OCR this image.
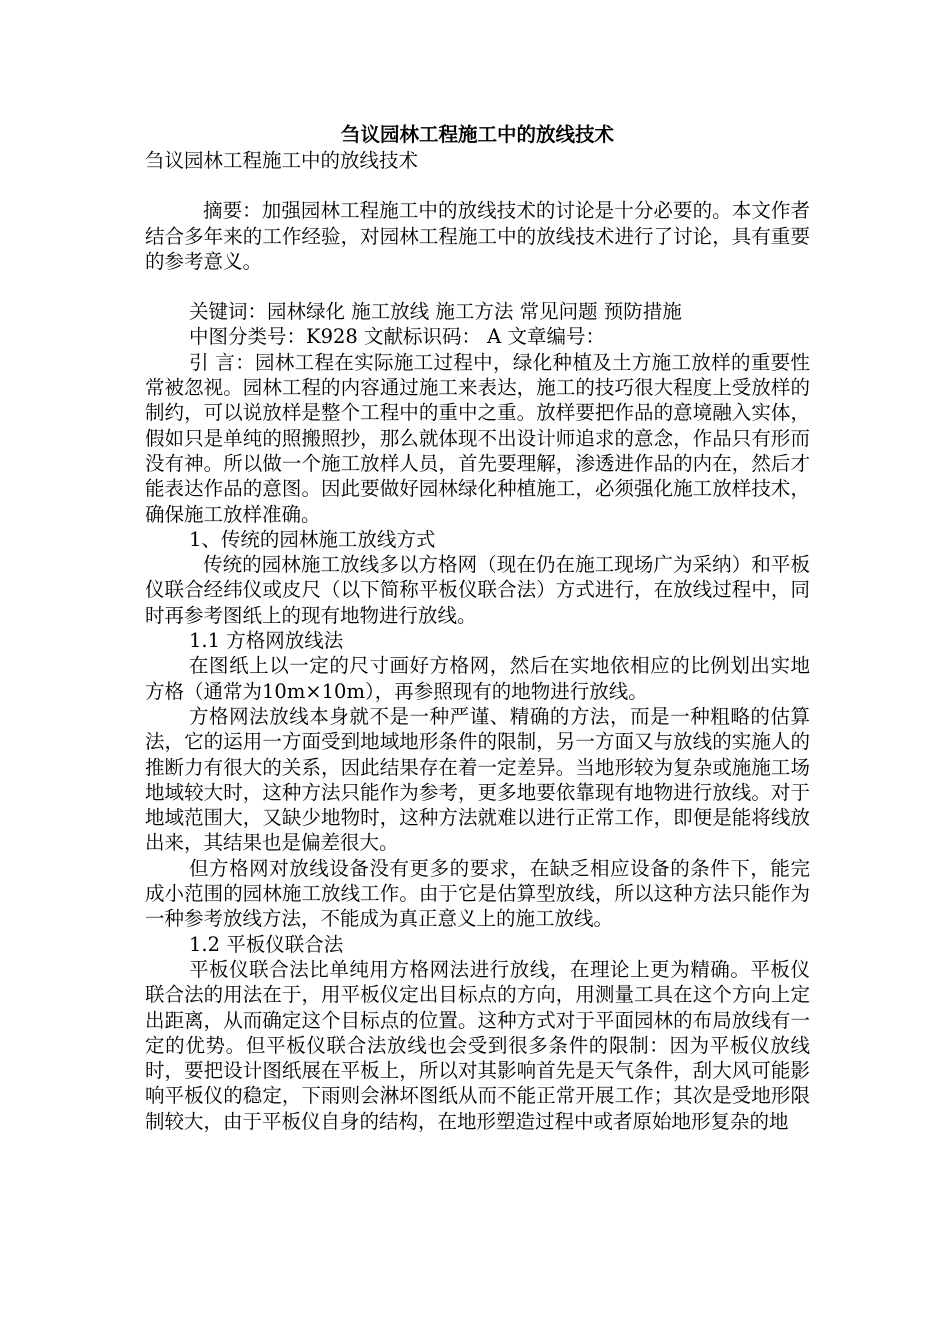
刍议园林工程施工中的放线技术
刍议园林工程施工中的放线技术
摘要：加强园林工程施工中的放线技术的讨论是十分必要的。本文作者结合多年来的工作经验，对园林工程施工中的放线技术进行了讨论，具有重要的参考意义。
关键词：园林绿化 施工放线 施工方法 常见问题 预防措施
中图分类号：K928 文献标识码： A 文章编号：
引 言：园林工程在实际施工过程中，绿化种植及土方施工放样的重要性常被忽视。园林工程的内容通过施工来表达，施工的技巧很大程度上受放样的制约，可以说放样是整个工程中的重中之重。放样要把作品的意境融入实体，假如只是单纯的照搬照抄，那么就体现不出设计师追求的意念，作品只有形而没有神。所以做一个施工放样人员，首先要理解，渗透进作品的内在，然后才能表达作品的意图。因此要做好园林绿化种植施工，必须强化施工放样技术，确保施工放样准确。
1、传统的园林施工放线方式
传统的园林施工放线多以方格网（现在仍在施工现场广为采纳）和平板仪联合经纬仪或皮尺（以下简称平板仪联合法）方式进行，在放线过程中，同时再参考图纸上的现有地物进行放线。
1.1 方格网放线法
在图纸上以一定的尺寸画好方格网，然后在实地依相应的比例划出实地方格（通常为10m×10m），再参照现有的地物进行放线。
方格网法放线本身就不是一种严谨、精确的方法，而是一种粗略的估算法，它的运用一方面受到地域地形条件的限制，另一方面又与放线的实施人的推断力有很大的关系，因此结果存在着一定差异。当地形较为复杂或施施工场地域较大时，这种方法只能作为参考，更多地要依靠现有地物进行放线。对于地域范围大，又缺少地物时，这种方法就难以进行正常工作，即便是能将线放出来，其结果也是偏差很大。
但方格网对放线设备没有更多的要求，在缺乏相应设备的条件下，能完成小范围的园林施工放线工作。由于它是估算型放线，所以这种方法只能作为一种参考放线方法，不能成为真正意义上的施工放线。
1.2 平板仪联合法
平板仪联合法比单纯用方格网法进行放线，在理论上更为精确。平板仪联合法的用法在于，用平板仪定出目标点的方向，用测量工具在这个方向上定出距离，从而确定这个目标点的位置。这种方式对于平面园林的布局放线有一定的优势。但平板仪联合法放线也会受到很多条件的限制：因为平板仪放线时，要把设计图纸展在平板上，所以对其影响首先是天气条件，刮大风可能影响平板仪的稳定，下雨则会淋坏图纸从而不能正常开展工作；其次是受地形限制较大，由于平板仪自身的结构，在地形塑造过程中或者原始地形复杂的地
